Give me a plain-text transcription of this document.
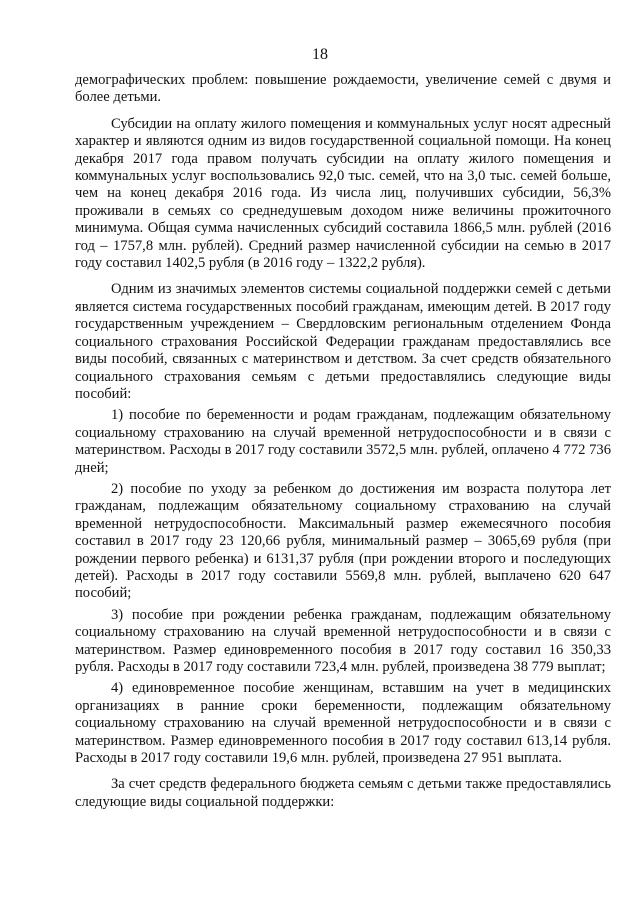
18

демографических проблем: повышение рождаемости, увеличение семей с двумя и более детьми.

Субсидии на оплату жилого помещения и коммунальных услуг носят адресный характер и являются одним из видов государственной социальной помощи. На конец декабря 2017 года правом получать субсидии на оплату жилого помещения и коммунальных услуг воспользовались 92,0 тыс. семей, что на 3,0 тыс. семей больше, чем на конец декабря 2016 года. Из числа лиц, получивших субсидии, 56,3% проживали в семьях со среднедушевым доходом ниже величины прожиточного минимума. Общая сумма начисленных субсидий составила 1866,5 млн. рублей (2016 год – 1757,8 млн. рублей). Средний размер начисленной субсидии на семью в 2017 году составил 1402,5 рубля (в 2016 году – 1322,2 рубля).

Одним из значимых элементов системы социальной поддержки семей с детьми является система государственных пособий гражданам, имеющим детей. В 2017 году государственным учреждением – Свердловским региональным отделением Фонда социального страхования Российской Федерации гражданам предоставлялись все виды пособий, связанных с материнством и детством. За счет средств обязательного социального страхования семьям с детьми предоставлялись следующие виды пособий:

1) пособие по беременности и родам гражданам, подлежащим обязательному социальному страхованию на случай временной нетрудоспособности и в связи с материнством. Расходы в 2017 году составили 3572,5 млн. рублей, оплачено 4 772 736 дней;

2) пособие по уходу за ребенком до достижения им возраста полутора лет гражданам, подлежащим обязательному социальному страхованию на случай временной нетрудоспособности. Максимальный размер ежемесячного пособия составил в 2017 году 23 120,66 рубля, минимальный размер – 3065,69 рубля (при рождении первого ребенка) и 6131,37 рубля (при рождении второго и последующих детей). Расходы в 2017 году составили 5569,8 млн. рублей, выплачено 620 647 пособий;

3) пособие при рождении ребенка гражданам, подлежащим обязательному социальному страхованию на случай временной нетрудоспособности и в связи с материнством. Размер единовременного пособия в 2017 году составил 16 350,33 рубля. Расходы в 2017 году составили 723,4 млн. рублей, произведена 38 779 выплат;

4) единовременное пособие женщинам, вставшим на учет в медицинских организациях в ранние сроки беременности, подлежащим обязательному социальному страхованию на случай временной нетрудоспособности и в связи с материнством. Размер единовременного пособия в 2017 году составил 613,14 рубля. Расходы в 2017 году составили 19,6 млн. рублей, произведена 27 951 выплата.

За счет средств федерального бюджета семьям с детьми также предоставлялись следующие виды социальной поддержки:
